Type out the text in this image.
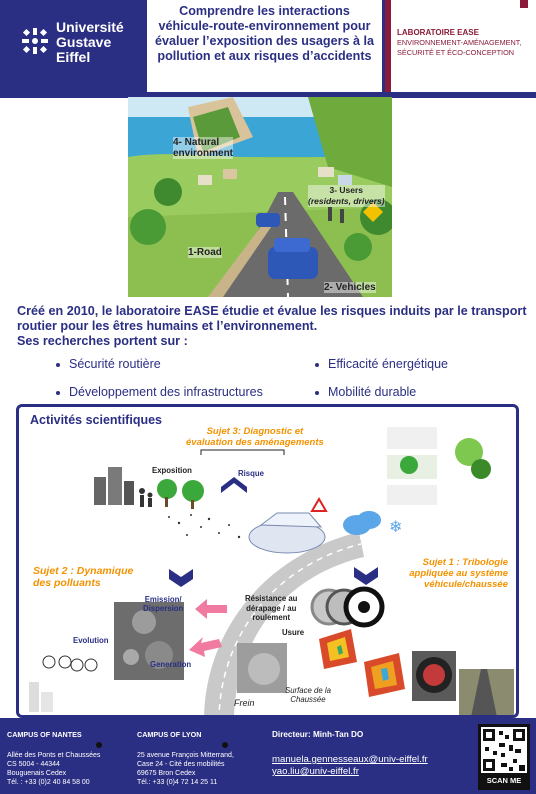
Université
Gustave
Eiffel
Comprendre les interactions véhicule-route-environnement pour évaluer l’exposition des usagers à la pollution et aux risques d’accidents
LABORATOIRE EASE
ENVIRONNEMENT-AMÉNAGEMENT,
SÉCURITÉ ET ÉCO-CONCEPTION
4- Natural
environment
3- Users
(residents, drivers)
1-Road
2- Vehicles
Créé en 2010, le laboratoire EASE étudie et évalue les risques induits par le transport routier pour les êtres humains et l’environnement.
Ses recherches portent sur :
Sécurité routière	Efficacité énergétique
Développement des infrastructures	Mobilité durable
❄
Activités scientifiques
Sujet 3: Diagnostic et
évaluation des aménagements
Exposition	Risque
Sujet 2 : Dynamique
des polluants
Emission/
Dispersion
Evolution
Generation
Résistance au
dérapage / au
roulement
Usure
Frein
Surface de la
Chaussée
Sujet 1 : Tribologie
appliquée au système
véhicule/chaussée
CAMPUS OF NANTES
Allée des Ponts et Chaussées
CS 5004 - 44344
Bouguenais Cedex
Tél. : +33 (0)2 40 84 58 00
CAMPUS OF LYON
25 avenue François Mitterrand,
Case 24 - Cité des mobilités
69675 Bron Cedex
Tél.: +33 (0)4 72 14 25 11
Directeur: Minh-Tan DO
manuela.gennesseaux@univ-eiffel.fr
yao.liu@univ-eiffel.fr
SCAN ME
